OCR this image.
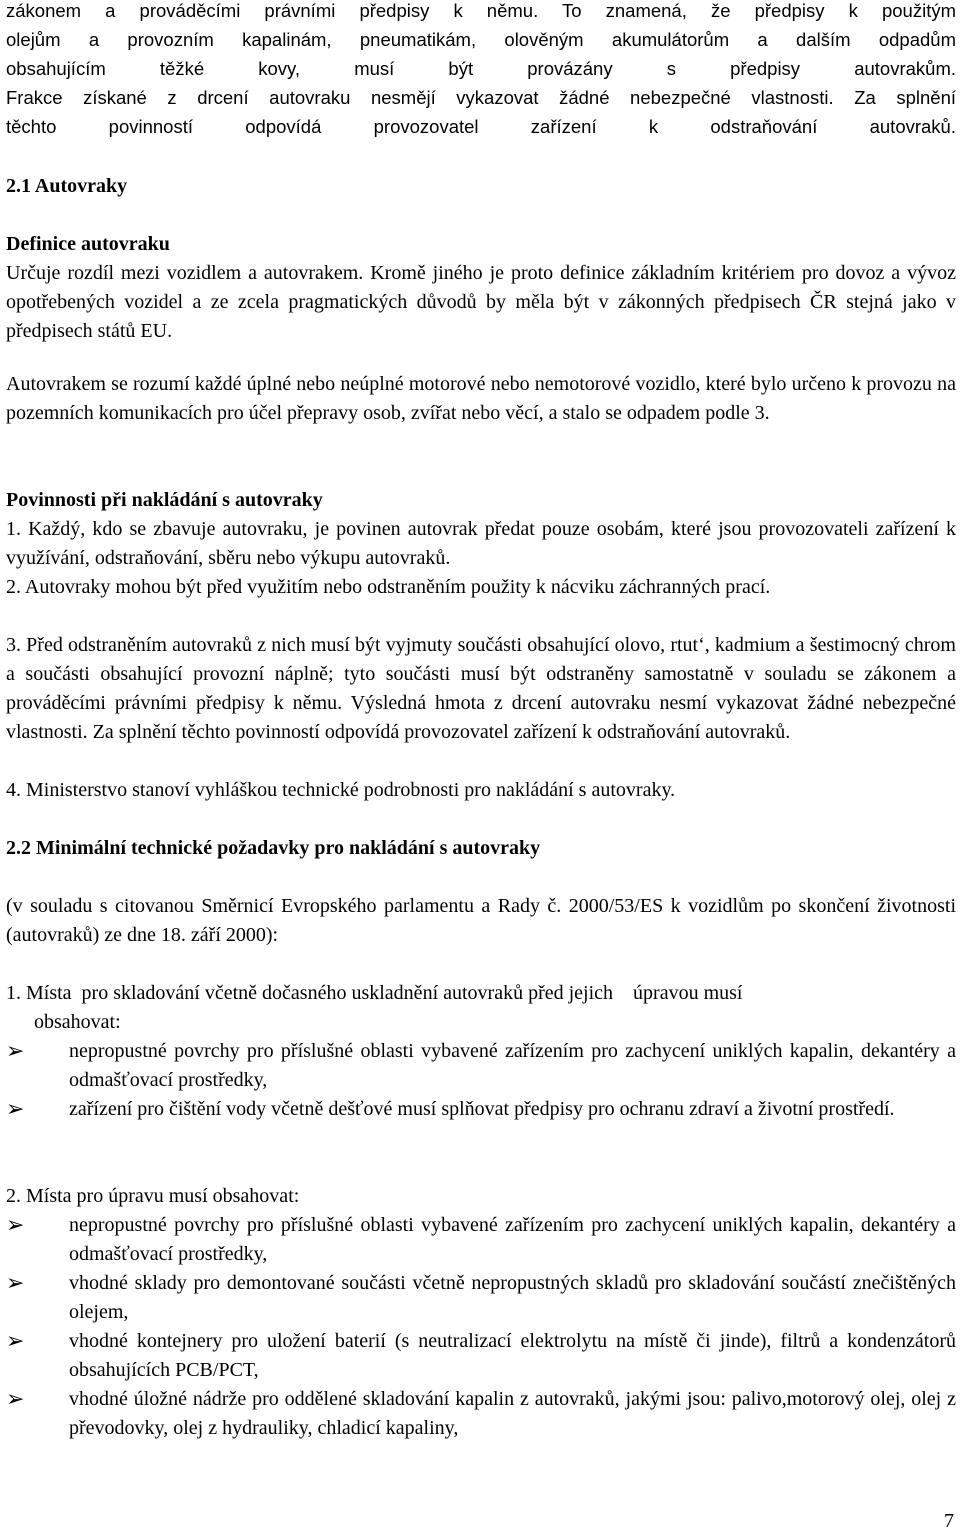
zákonem a prováděcími právními předpisy k němu. To znamená, že předpisy k použitým
olejům a provozním kapalinám, pneumatikám, olověným akumulátorům a dalším odpadům
obsahujícím těžké kovy, musí být provázány s předpisy autovrakům.
Frakce získané z drcení autovraku nesmějí vykazovat žádné nebezpečné vlastnosti. Za splnění
těchto povinností odpovídá provozovatel zařízení k odstraňování autovraků.
2.1 Autovraky
Definice autovraku
Určuje rozdíl mezi vozidlem a autovrakem. Kromě jiného je proto definice základním kritériem pro dovoz a vývoz opotřebených vozidel a ze zcela pragmatických důvodů by měla být v zákonných předpisech ČR stejná jako v předpisech států EU.
Autovrakem se rozumí každé úplné nebo neúplné motorové nebo nemotorové vozidlo, které bylo určeno k provozu na pozemních komunikacích pro účel přepravy osob, zvířat nebo věcí, a stalo se odpadem podle 3.
Povinnosti při nakládání s autovraky
1. Každý, kdo se zbavuje autovraku, je povinen autovrak předat pouze osobám, které jsou provozovateli zařízení k využívání, odstraňování, sběru nebo výkupu autovraků.
2. Autovraky mohou být před využitím nebo odstraněním použity k nácviku záchranných prací.
3. Před odstraněním autovraků z nich musí být vyjmuty součásti obsahující olovo, rtut‘, kadmium a šestimocný chrom a součásti obsahující provozní náplně; tyto součásti musí být odstraněny samostatně v souladu se zákonem a prováděcími právními předpisy k němu. Výsledná hmota z drcení autovraku nesmí vykazovat žádné nebezpečné vlastnosti. Za splnění těchto povinností odpovídá provozovatel zařízení k odstraňování autovraků.
4. Ministerstvo stanoví vyhláškou technické podrobnosti pro nakládání s autovraky.
2.2 Minimální technické požadavky pro nakládání s autovraky
(v souladu s citovanou Směrnicí Evropského parlamentu a Rady č. 2000/53/ES k vozidlům po skončení životnosti (autovraků) ze dne 18. září 2000):
1. Místa  pro skladování včetně dočasného uskladnění autovraků před jejich    úpravou musí
obsahovat:
➢ nepropustné povrchy pro příslušné oblasti vybavené zařízením pro zachycení uniklých kapalin, dekantéry a odmašťovací prostředky,
➢ zařízení pro čištění vody včetně dešťové musí splňovat předpisy pro ochranu zdraví a životní prostředí.
2. Místa pro úpravu musí obsahovat:
➢ nepropustné povrchy pro příslušné oblasti vybavené zařízením pro zachycení uniklých kapalin, dekantéry a odmašťovací prostředky,
➢ vhodné sklady pro demontované součásti včetně nepropustných skladů pro skladování součástí znečištěných olejem,
➢ vhodné kontejnery pro uložení baterií (s neutralizací elektrolytu na místě či jinde), filtrů a kondenzátorů obsahujících PCB/PCT,
➢ vhodné úložné nádrže pro oddělené skladování kapalin z autovraků, jakými jsou: palivo,motorový olej, olej z převodovky, olej z hydrauliky, chladicí kapaliny,
7
